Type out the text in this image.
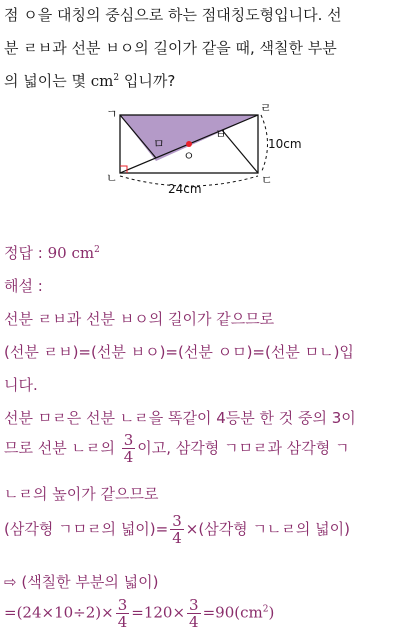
점 ㅇ을 대칭의 중심으로 하는 점대칭도형입니다. 선
분 ㄹㅂ과 선분 ㅂㅇ의 길이가 같을 때, 색칠한 부분
의 넓이는 몇 $cm^2$ 입니까?
ㄱ	ㄹ
ㄴ	ㄷ
ㅁ
ㅂ
ㅇ
10cm
24cm
정답 : 90 $cm^2$
해설 :
선분 ㄹㅂ과 선분 ㅂㅇ의 길이가 같으므로
(선분 ㄹㅂ)=(선분 ㅂㅇ)=(선분 ㅇㅁ)=(선분 ㅁㄴ)입
니다.
선분 ㅁㄹ은 선분 ㄴㄹ을 똑같이 4등분 한 것 중의 3이
므로 선분 ㄴㄹ의 $\frac{3}{4}$ 이고, 삼각형 ㄱㅁㄹ과 삼각형 ㄱ
ㄴㄹ의 높이가 같으므로
(삼각형 ㄱㅁㄹ의 넓이)= $\frac{3}{4}$ ×(삼각형 ㄱㄴㄹ의 넓이)
⇨ (색칠한 부분의 넓이)
$=(24\times 10\div 2)\times \frac{3}{4} =120\times \frac{3}{4} =90(cm^2)$
